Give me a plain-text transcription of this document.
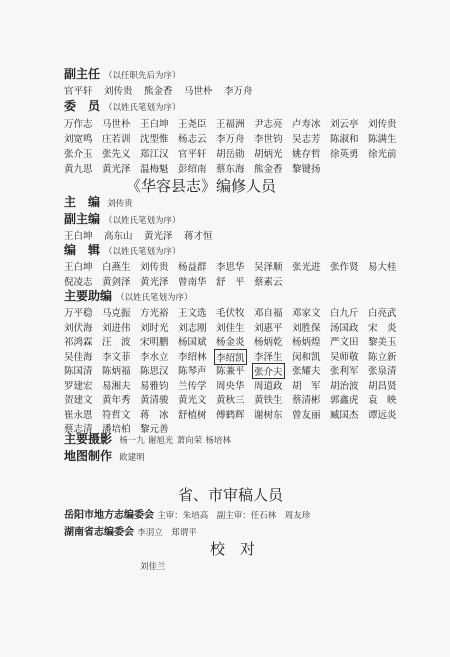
副主任 （以任职先后为序）
官平轩 刘传贵 熊金香 马世朴 李万舟
委　员 （以姓氏笔划为序）
万作志 马世朴 王白坤 王尧臣 王福洲 尹志亮 卢寿冰 刘云亭 刘传贵
刘宽鸣 庄若训 沈型惟 杨志云 李万舟 李世钧 吴志芳 陈淑和 陈满生
张介玉 张先义 郑江汉 官平轩 胡岳勋 胡炳光 姚存哲 徐英勇 徐光前
黄九思 黄光泽 温梅魁 彭绍南 蔡东海 熊金香 黎键扬
《华容县志》编修人员
主　编 刘传贵
副主编 （以姓氏笔划为序）
王白坤 高东山 黄光泽 蒋才恒
编　辑 （以姓氏笔划为序）
王白坤 白燕生 刘传贵 杨益群 李思华 吴泽顺 张光进 张作贤 易大桂
倪凌志 黄剑泽 黄光泽 曾南华 舒　平 蔡素云
主要助编 （以姓氏笔划为序）
万平稳 马克振 方光裕 王文选 毛伏牧 邓自福 邓家文 白九斤 白亮武
刘伏海 刘进伟 刘时光 刘志刚 刘佳生 刘惠平 刘胜保 汤国政 宋　炎
祁鸿霖 汪　波 宋明鹏 杨国斌 杨金炎 杨炳乾 杨炳煌 严文田 黎美玉
吴佳海 李文菲 李水立 李绍林 李绍凯 李泽生 闵和凯 吴师敬 陈立新
陈国清 陈炳福 陈思汉 陈琴声 陈兼平 张介夫 张耀夫 张利军 张泉清
罗建宏 易湘夫 易雅钧 兰传学 周央华 周道政 胡　军 胡治波 胡昌贤
贺建文 黄年秀 黄清骏 黄光文 黄秋三 黄铁生 蔡清彬 郭鑫虎 袁　映
崔永恩 符哲文 蒋　冰 舒植树 傅鹤辉 谢树东 曾友丽 臧国杰 谭远炎
蔡志清 潘培柏 黎元善
主要摄影 杨一九 谢旭光 萧向荣 杨培林
地图制作 欧建明
省、市审稿人员
岳阳市地方志编委会 主审：朱培高　副主审：任石林　周友珍
湖南省志编委会 李羽立　郑谓平
校　对
刘佳兰
